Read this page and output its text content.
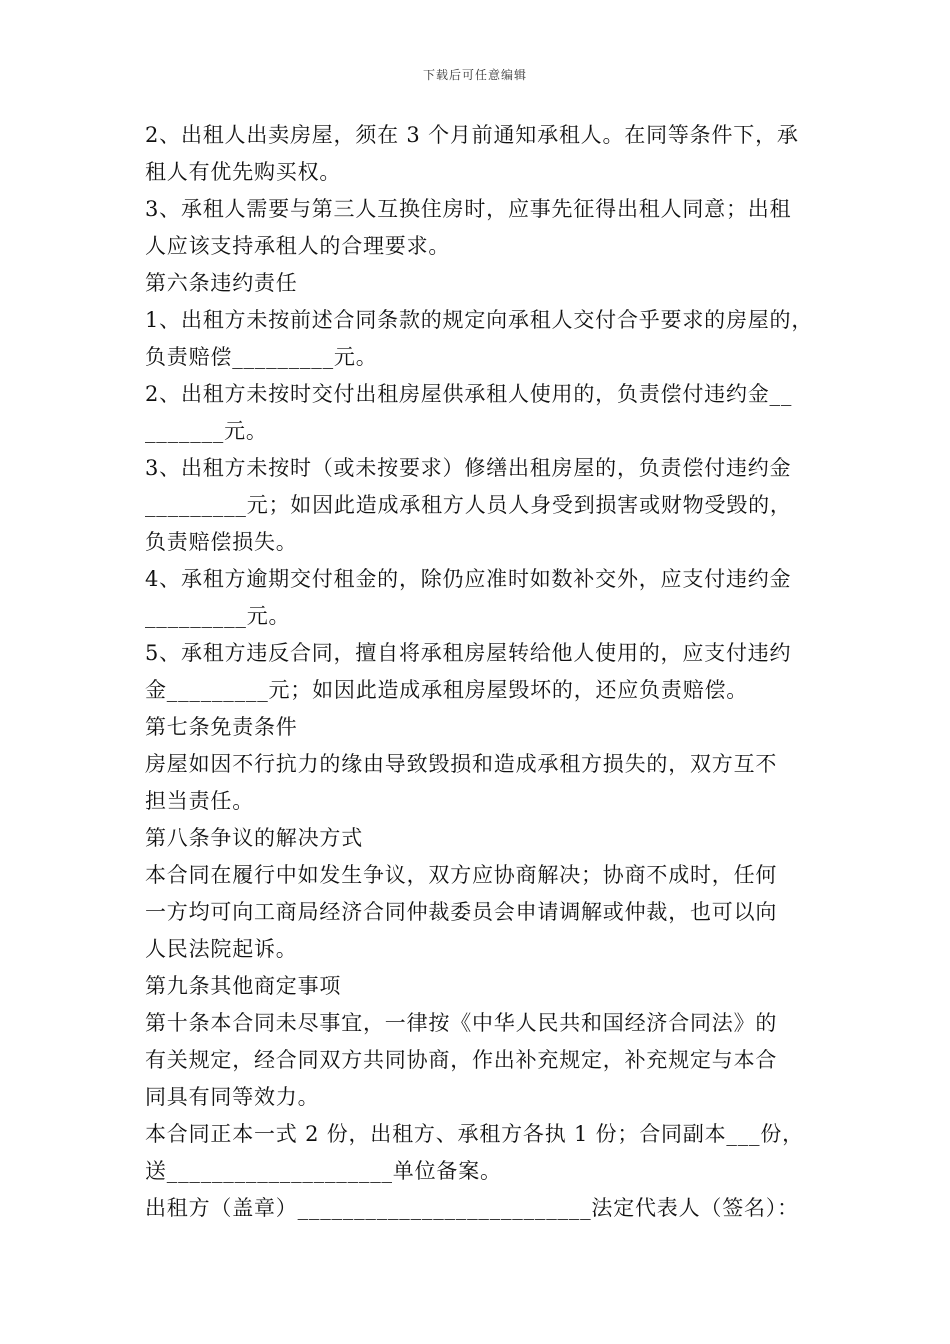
下载后可任意编辑
2、出租人出卖房屋，须在 3 个月前通知承租人。在同等条件下，承
租人有优先购买权。
3、承租人需要与第三人互换住房时，应事先征得出租人同意；出租
人应该支持承租人的合理要求。
第六条违约责任
1、出租方未按前述合同条款的规定向承租人交付合乎要求的房屋的，
负责赔偿_________元。
2、出租方未按时交付出租房屋供承租人使用的，负责偿付违约金__
_______元。
3、出租方未按时（或未按要求）修缮出租房屋的，负责偿付违约金
_________元；如因此造成承租方人员人身受到损害或财物受毁的，
负责赔偿损失。
4、承租方逾期交付租金的，除仍应准时如数补交外，应支付违约金
_________元。
5、承租方违反合同，擅自将承租房屋转给他人使用的，应支付违约
金_________元；如因此造成承租房屋毁坏的，还应负责赔偿。
第七条免责条件
房屋如因不行抗力的缘由导致毁损和造成承租方损失的，双方互不
担当责任。
第八条争议的解决方式
本合同在履行中如发生争议，双方应协商解决；协商不成时，任何
一方均可向工商局经济合同仲裁委员会申请调解或仲裁，也可以向
人民法院起诉。
第九条其他商定事项
第十条本合同未尽事宜，一律按《中华人民共和国经济合同法》的
有关规定，经合同双方共同协商，作出补充规定，补充规定与本合
同具有同等效力。
本合同正本一式 2 份，出租方、承租方各执 1 份；合同副本___份，
送____________________单位备案。
出租方（盖章）__________________________法定代表人（签名）：
